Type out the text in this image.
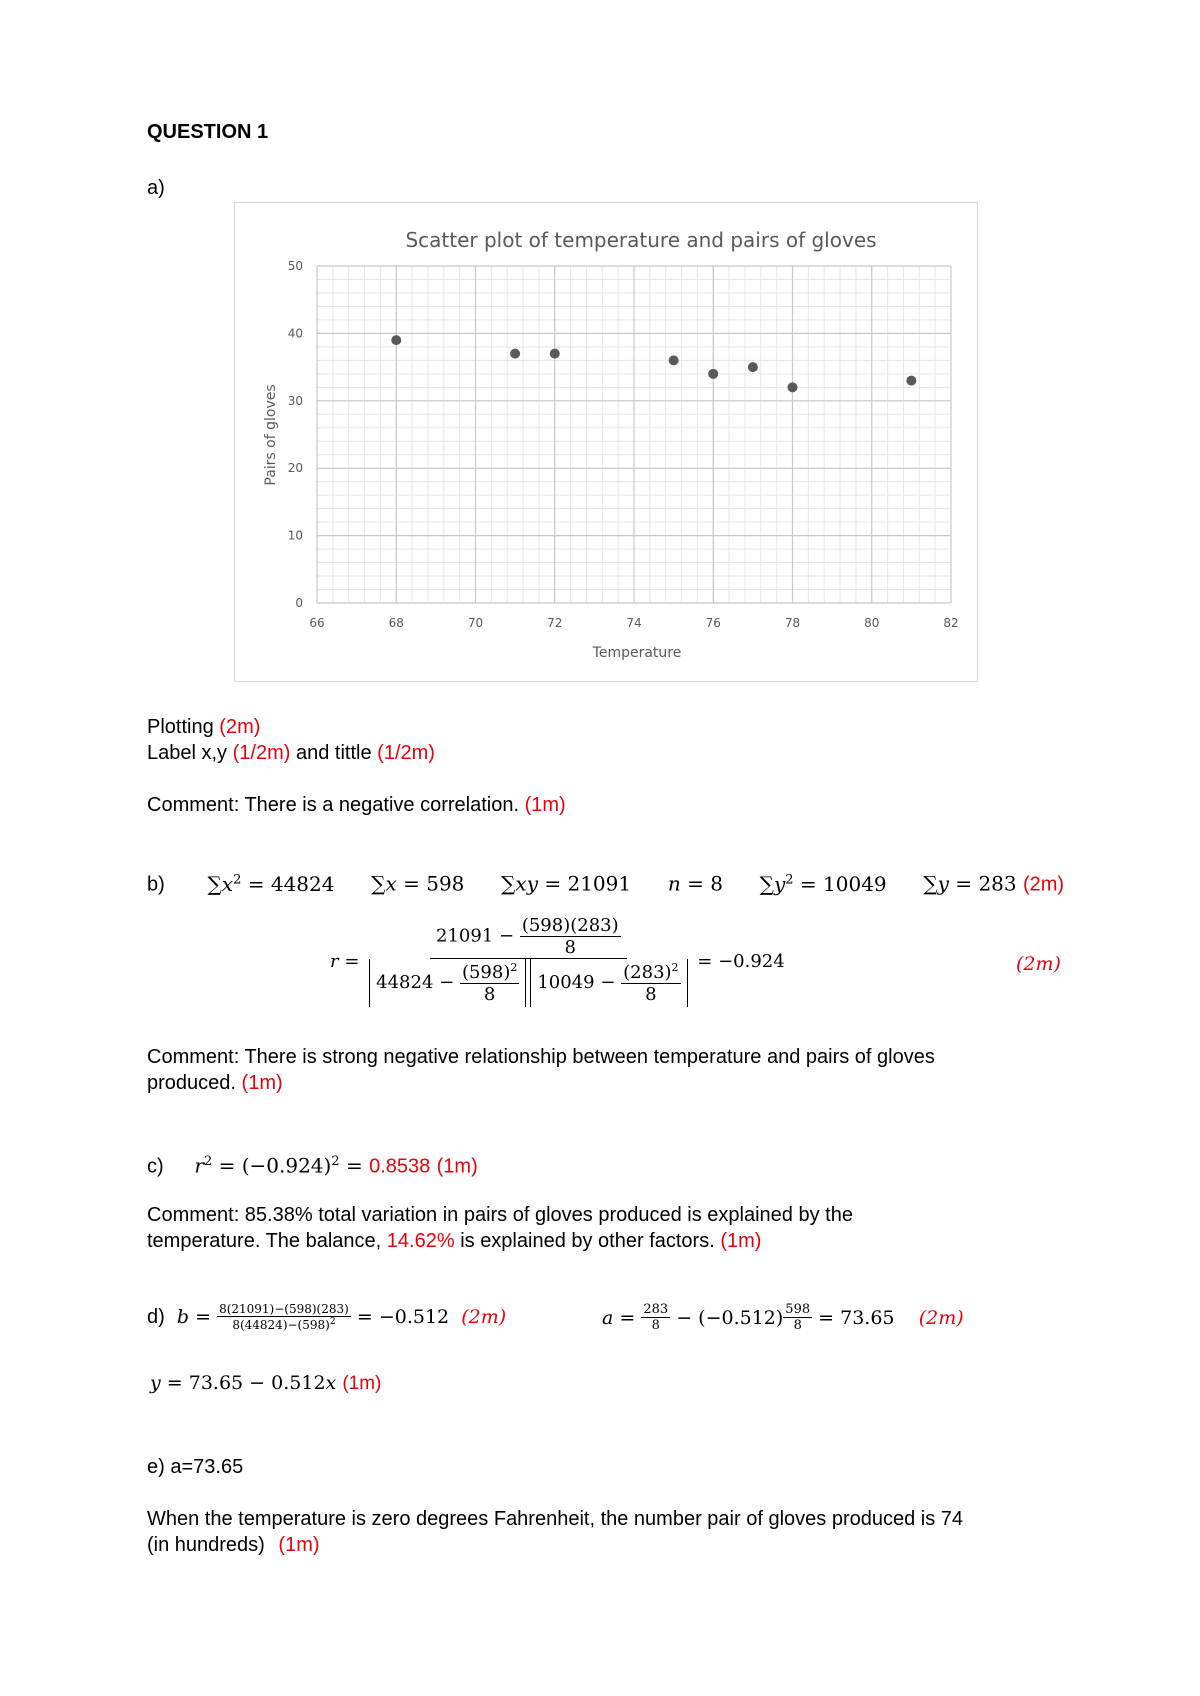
QUESTION 1
a)
Scatter plot of temperature and pairs of gloves
66	68	70	72	74	76	78	80	82
0
10
20
30
40
50
Temperature
Pairs of gloves
Plotting (2m)
Label x,y (1/2m) and tittle (1/2m)
Comment: There is a negative correlation. (1m)
b) $\sum x^2 = 44824$ ∑x = 598 ∑xy = 21091 n = 8 $\sum y^2 = 10049$ ∑y = 283 (2m)
$r = \frac{21091 - \frac{(598)(283)}{8}}{44824 - \frac{(598)^2}{8} 10049 - \frac{(283)^2}{8}} = -0.924$	(2m)
Comment: There is strong negative relationship between temperature and pairs of gloves
produced. (1m)
c) $r^2 = (-0.924)^2 = 0.8538$ (1m)
Comment: 85.38% total variation in pairs of gloves produced is explained by the
temperature. The balance, 14.62% is explained by other factors. (1m)
d)
$b = \frac{8(21091)-(598)(283)}{8(44824)-(598)^2} = -0.512$
(2m)	$a = \frac{283}{8} - (-0.512) \frac{598}{8} = 73.65$
(2m)
y = 73.65 − 0.512x (1m)
e) a=73.65
When the temperature is zero degrees Fahrenheit, the number pair of gloves produced is 74
(in hundreds) (1m)
